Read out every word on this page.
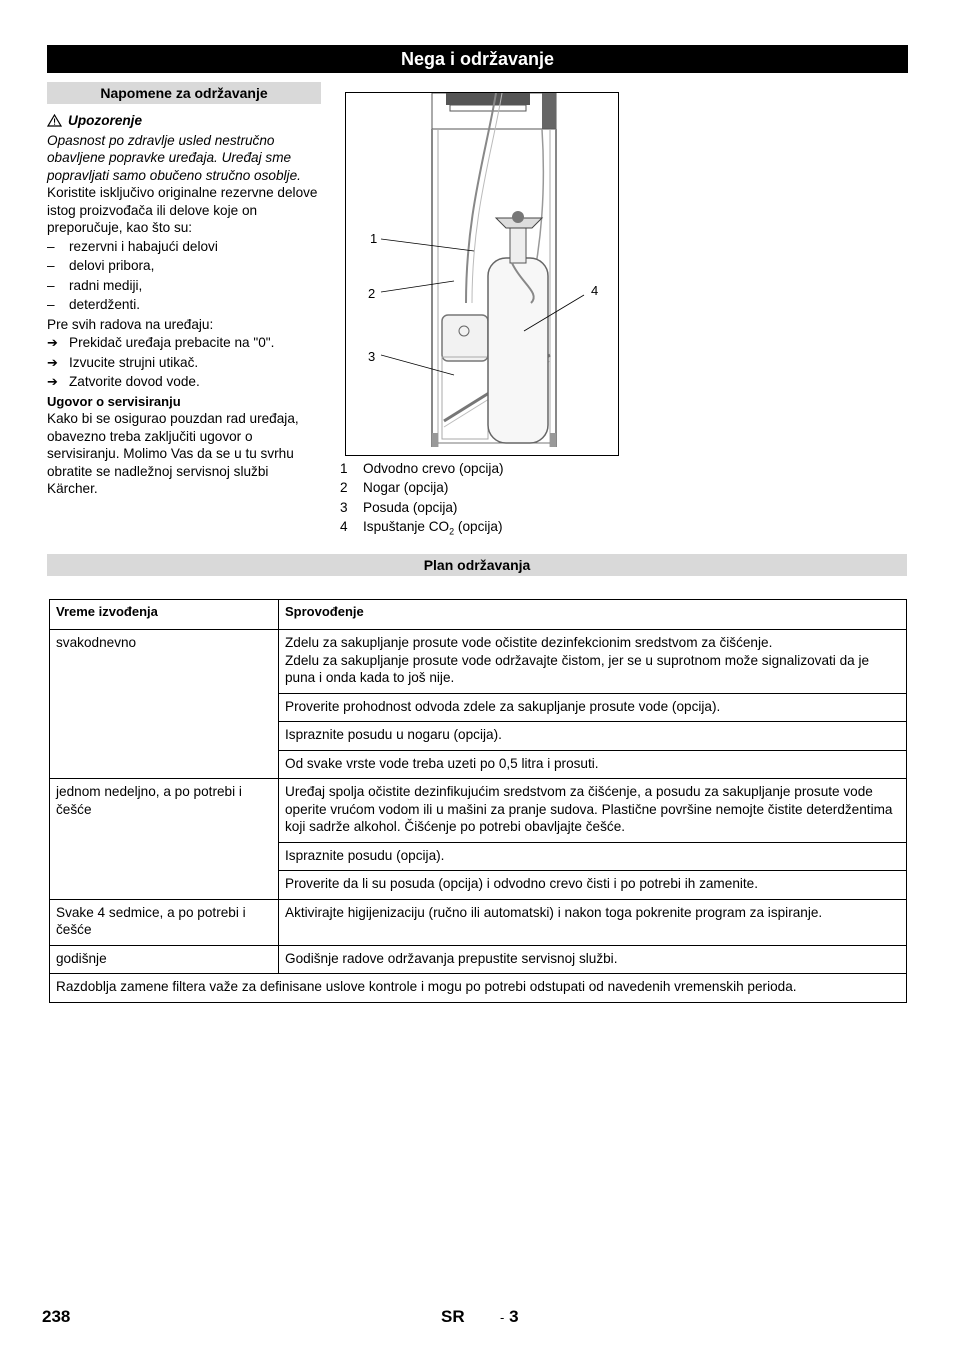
Nega i održavanje
Napomene za održavanje
Upozorenje

Opasnost po zdravlje usled nestručno obavljene popravke uređaja. Uređaj sme popravljati samo obučeno stručno osoblje.

Koristite isključivo originalne rezervne delove istog proizvođača ili delove koje on preporučuje, kao što su:

– rezervni i habajući delovi
– delovi pribora,
– radni mediji,
– deterdženti.

Pre svih radova na uređaju:

➔ Prekidač uređaja prebacite na "0".
➔ Izvucite strujni utikač.
➔ Zatvorite dovod vode.

Ugovor o servisiranju

Kako bi se osigurao pouzdan rad uređaja, obavezno treba zaključiti ugovor o servisiranju. Molimo Vas da se u tu svrhu obratite se nadležnoj servisnoj službi Kärcher.

1
2
3
4
1	Odvodno crevo (opcija)
2	Nogar (opcija)
3	Posuda (opcija)
4	Ispuštanje $CO_2$ (opcija)
Plan održavanja
Vreme izvođenja	Sprovođenje
svakodnevno	Zdelu za sakupljanje prosute vode očistite dezinfekcionim sredstvom za čišćenje.
Zdelu za sakupljanje prosute vode održavajte čistom, jer se u suprotnom može signalizovati da je puna i onda kada to još nije.
	Proverite prohodnost odvoda zdele za sakupljanje prosute vode (opcija).
	Ispraznite posudu u nogaru (opcija).
	Od svake vrste vode treba uzeti po 0,5 litra i prosuti.
jednom nedeljno, a po potrebi i češće	Uređaj spolja očistite dezinfikujućim sredstvom za čišćenje, a posudu za sakupljanje prosute vode operite vrućom vodom ili u mašini za pranje sudova. Plastične površine nemojte čistite deterdžentima koji sadrže alkohol. Čišćenje po potrebi obavljajte češće.
	Ispraznite posudu (opcija).
	Proverite da li su posuda (opcija) i odvodno crevo čisti i po potrebi ih zamenite.
Svake 4 sedmice, a po potrebi i češće	Aktivirajte higijenizaciju (ručno ili automatski) i nakon toga pokrenite program za ispiranje.
godišnje	Godišnje radove održavanja prepustite servisnoj službi.
Razdoblja zamene filtera važe za definisane uslove kontrole i mogu po potrebi odstupati od navedenih vremenskih perioda.	
238	SR	- 3
